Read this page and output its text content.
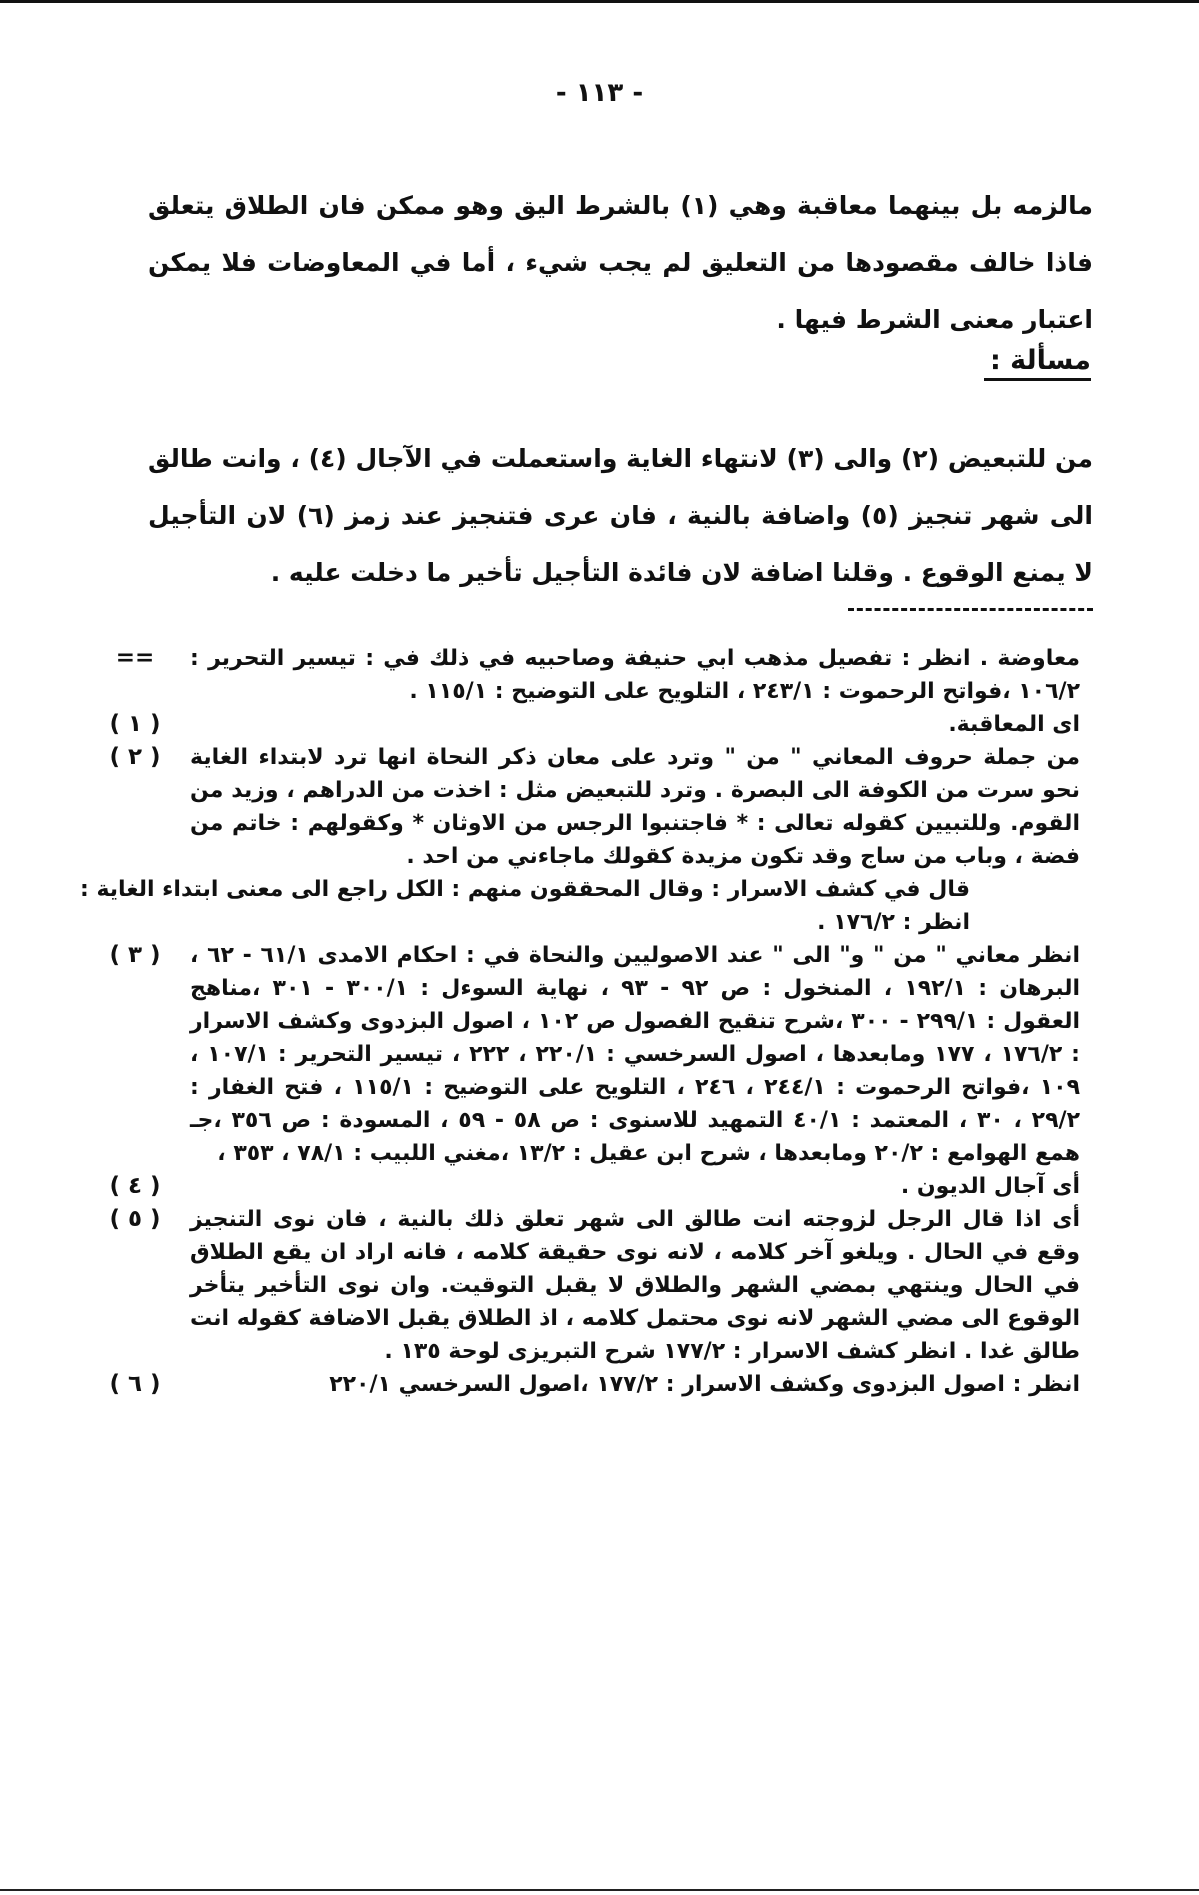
- ١١٣ -

مالزمه بل بينهما معاقبة وهي (١) بالشرط اليق وهو ممكن فان الطلاق يتعلق فاذا خالف مقصودها من التعليق لم يجب شيء ، أما في المعاوضات فلا يمكن اعتبار معنى الشرط فيها .

مسألة :

من للتبعيض (٢) والى (٣) لانتهاء الغاية واستعملت في الآجال (٤) ، وانت طالق الى شهر تنجيز (٥) واضافة بالنية ، فان عرى فتنجيز عند زمز (٦) لان التأجيل لا يمنع الوقوع . وقلنا اضافة لان فائدة التأجيل تأخير ما دخلت عليه .

معاوضة . انظر : تفصيل مذهب ابي حنيفة وصاحبيه في ذلك في : تيسير التحرير : ١٠٦/٢ ،فواتح الرحموت : ٢٤٣/١ ، التلويح على التوضيح : ١١٥/١ .
==
اى المعاقبة.
( ١ )
من جملة حروف المعاني " من " وترد على معان ذكر النحاة انها ترد لابتداء الغاية نحو سرت من الكوفة الى البصرة . وترد للتبعيض مثل : اخذت من الدراهم ، وزيد من القوم. وللتبيين كقوله تعالى : * فاجتنبوا الرجس من الاوثان * وكقولهم : خاتم من فضة ، وباب من ساج وقد تكون مزيدة كقولك ماجاءني من احد .
( ٢ )
قال في كشف الاسرار : وقال المحققون منهم : الكل راجع الى معنى ابتداء الغاية : انظر : ١٧٦/٢ .
انظر معاني " من " و" الى " عند الاصوليين والنحاة في : احكام الامدى ٦١/١ - ٦٢ ، البرهان : ١٩٢/١ ، المنخول : ص ٩٢ - ٩٣ ، نهاية السوءل : ٣٠٠/١ - ٣٠١ ،مناهج العقول : ٢٩٩/١ - ٣٠٠ ،شرح تنقيح الفصول ص ١٠٢ ، اصول البزدوى وكشف الاسرار : ١٧٦/٢ ، ١٧٧ ومابعدها ، اصول السرخسي : ٢٢٠/١ ، ٢٢٢ ، تيسير التحرير : ١٠٧/١ ، ١٠٩ ،فواتح الرحموت : ٢٤٤/١ ، ٢٤٦ ، التلويح على التوضيح : ١١٥/١ ، فتح الغفار : ٢٩/٢ ، ٣٠ ، المعتمد : ٤٠/١ التمهيد للاسنوى : ص ٥٨ - ٥٩ ، المسودة : ص ٣٥٦ ،جـ همع الهوامع : ٢٠/٢ ومابعدها ، شرح ابن عقيل : ١٣/٢ ،مغني اللبيب : ٧٨/١ ، ٣٥٣ ،
( ٣ )
أى آجال الديون .
( ٤ )
أى اذا قال الرجل لزوجته انت طالق الى شهر تعلق ذلك بالنية ، فان نوى التنجيز وقع في الحال . ويلغو آخر كلامه ، لانه نوى حقيقة كلامه ، فانه اراد ان يقع الطلاق في الحال وينتهي بمضي الشهر والطلاق لا يقبل التوقيت. وان نوى التأخير يتأخر الوقوع الى مضي الشهر لانه نوى محتمل كلامه ، اذ الطلاق يقبل الاضافة كقوله انت طالق غدا . انظر كشف الاسرار : ١٧٧/٢ شرح التبريزى لوحة ١٣٥ .
( ٥ )
انظر : اصول البزدوى وكشف الاسرار : ١٧٧/٢ ،اصول السرخسي ٢٢٠/١
( ٦ )
